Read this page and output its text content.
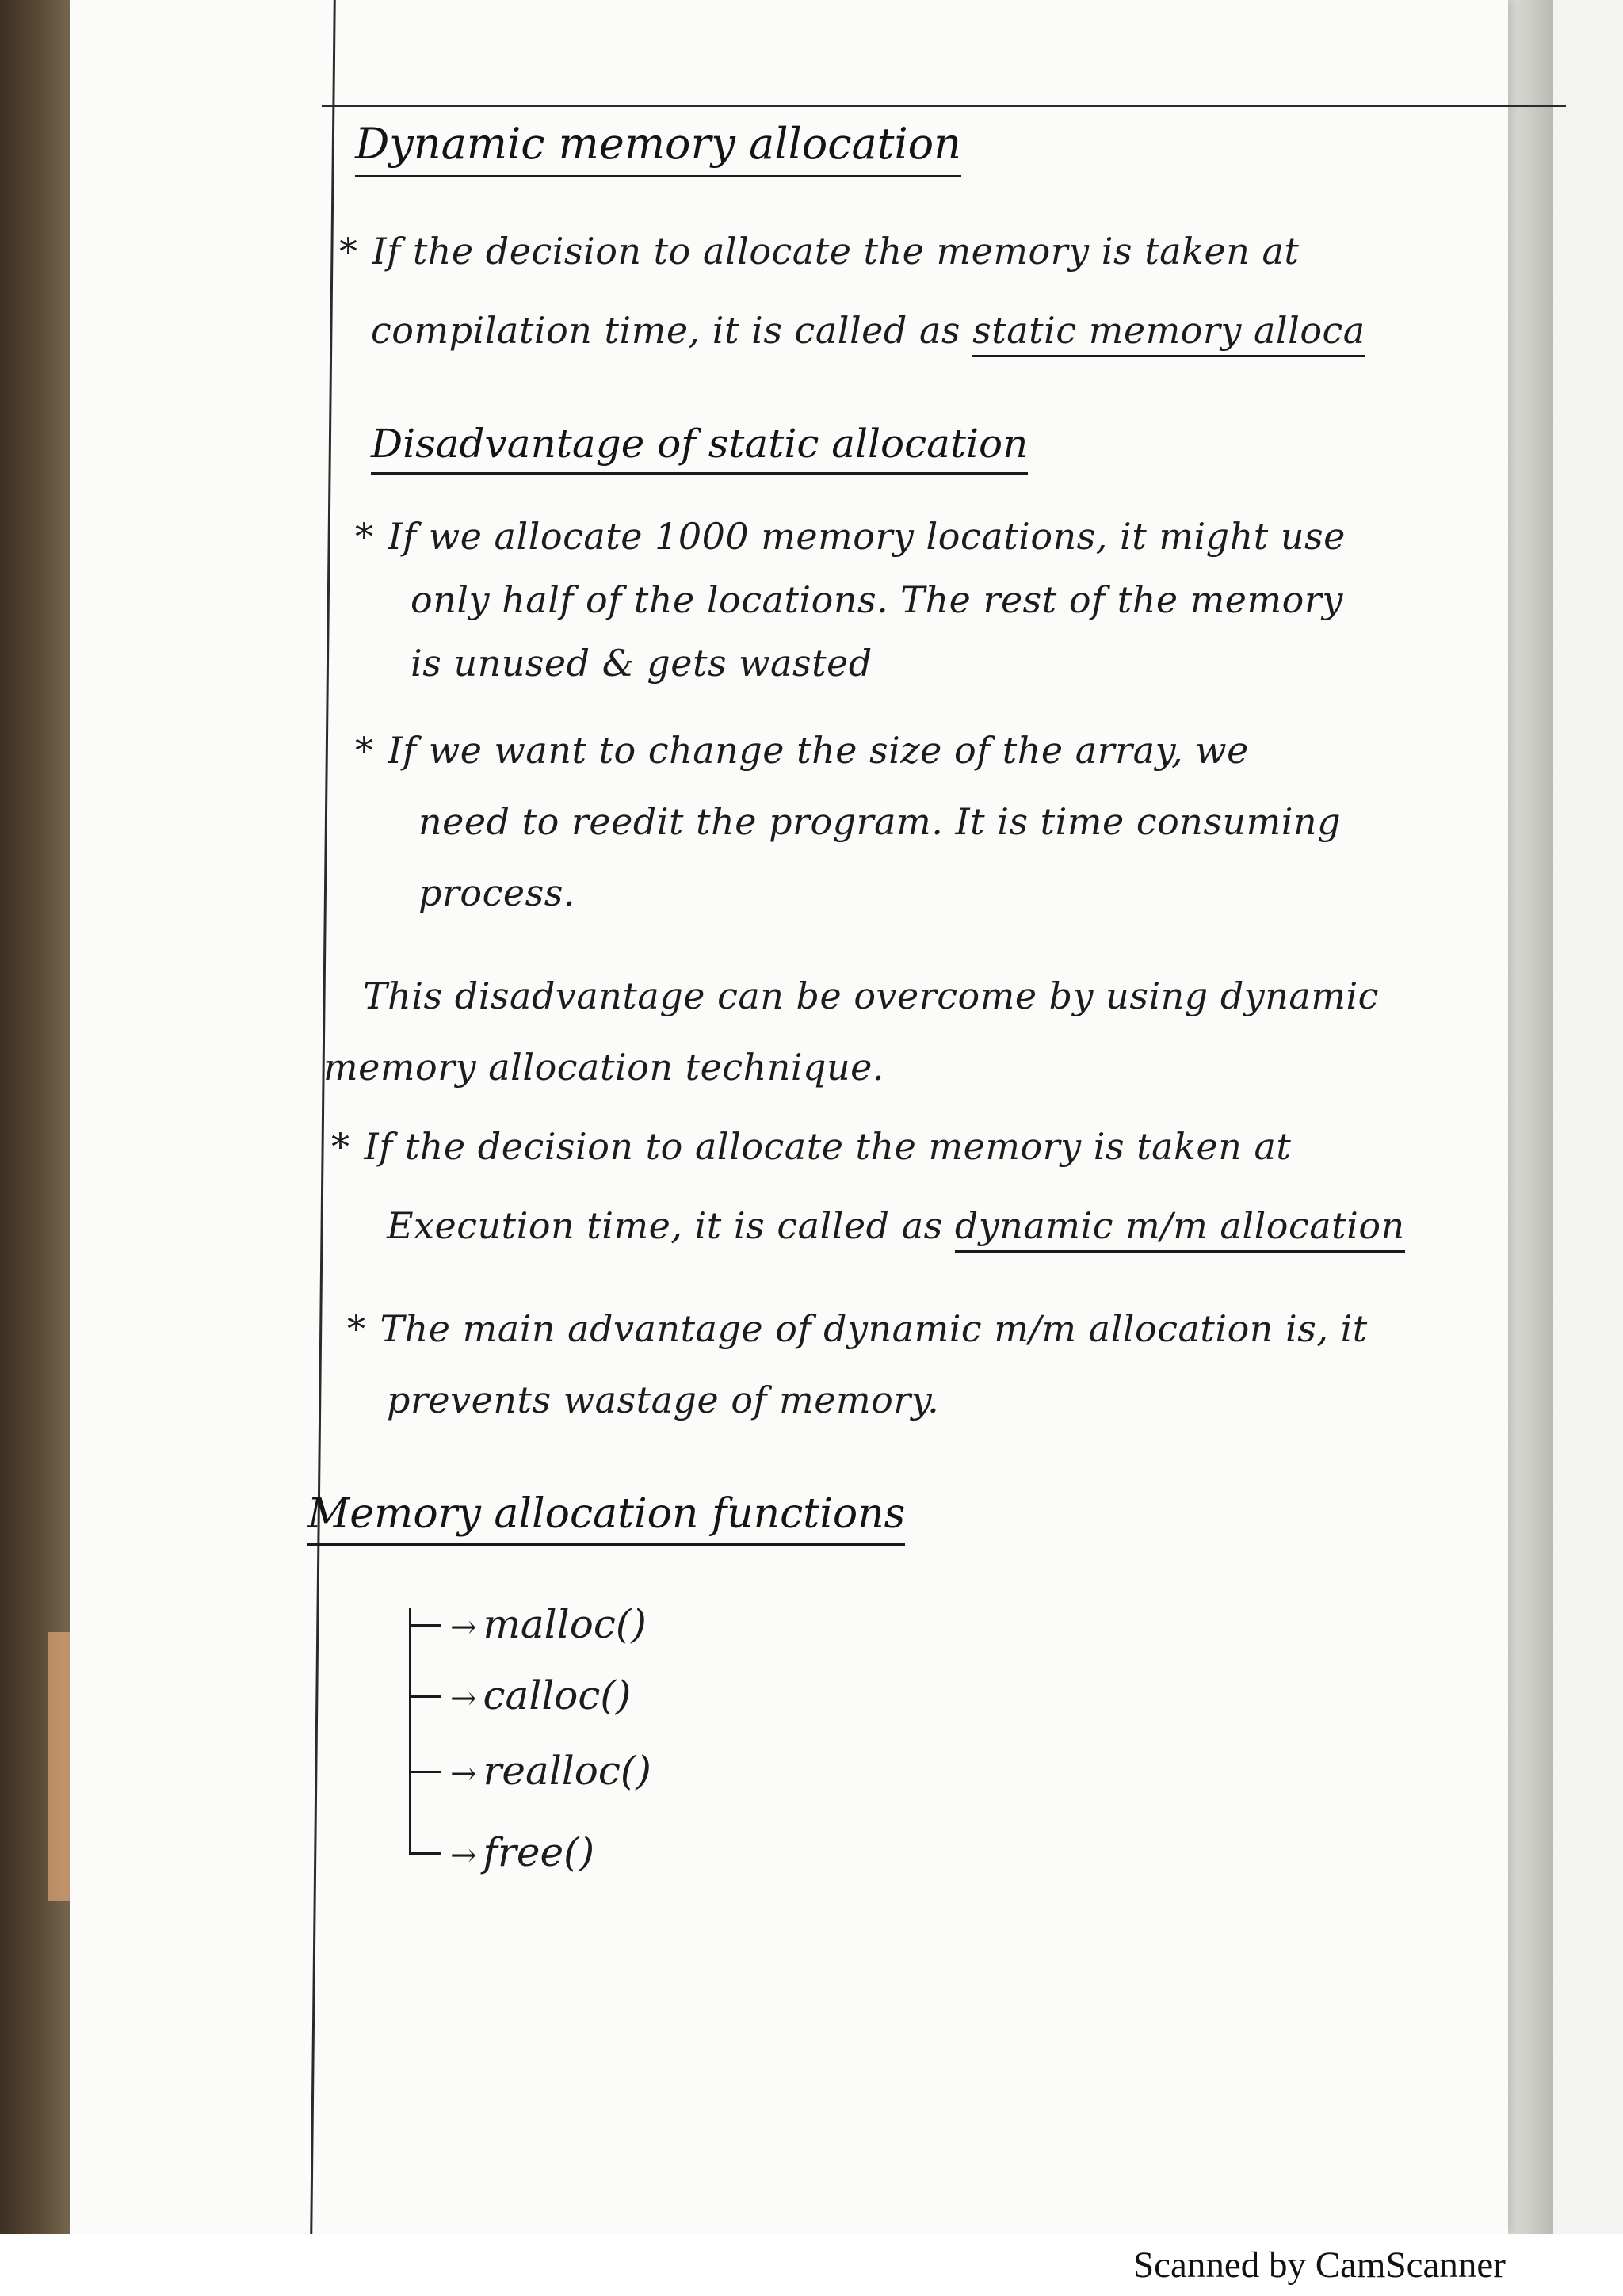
Dynamic memory allocation
* If the decision to allocate the memory is taken at
compilation time, it is called as static memory alloca
Disadvantage of static allocation
* If we allocate 1000 memory locations, it might use
only half of the locations. The rest of the memory
is unused & gets wasted
* If we want to change the size of the array, we
need to reedit the program. It is time consuming
process.
This disadvantage can be overcome by using dynamic
memory allocation technique.
* If the decision to allocate the memory is taken at
Execution time, it is called as dynamic m/m allocation
* The main advantage of dynamic m/m allocation is, it
prevents wastage of memory.
Memory allocation functions
→ malloc()
→ calloc()
→ realloc()
→ free()
Scanned by CamScanner
